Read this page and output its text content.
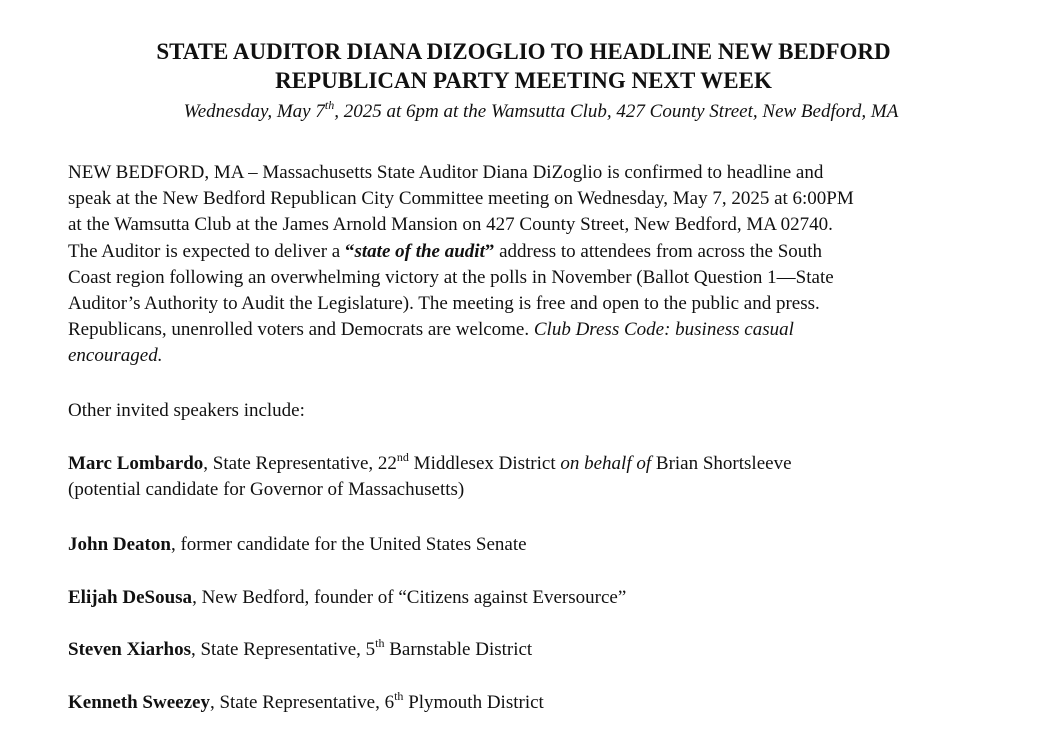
STATE AUDITOR DIANA DIZOGLIO TO HEADLINE NEW BEDFORD
REPUBLICAN PARTY MEETING NEXT WEEK
Wednesday, May 7th, 2025 at 6pm at the Wamsutta Club, 427 County Street, New Bedford, MA
NEW BEDFORD, MA – Massachusetts State Auditor Diana DiZoglio is confirmed to headline and
speak at the New Bedford Republican City Committee meeting on Wednesday, May 7, 2025 at 6:00PM
at the Wamsutta Club at the James Arnold Mansion on 427 County Street, New Bedford, MA 02740.
The Auditor is expected to deliver a “state of the audit” address to attendees from across the South
Coast region following an overwhelming victory at the polls in November (Ballot Question 1—State
Auditor’s Authority to Audit the Legislature). The meeting is free and open to the public and press.
Republicans, unenrolled voters and Democrats are welcome. Club Dress Code: business casual
encouraged.
Other invited speakers include:
Marc Lombardo, State Representative, 22nd Middlesex District on behalf of Brian Shortsleeve
(potential candidate for Governor of Massachusetts)
John Deaton, former candidate for the United States Senate
Elijah DeSousa, New Bedford, founder of “Citizens against Eversource”
Steven Xiarhos, State Representative, 5th Barnstable District
Kenneth Sweezey, State Representative, 6th Plymouth District
